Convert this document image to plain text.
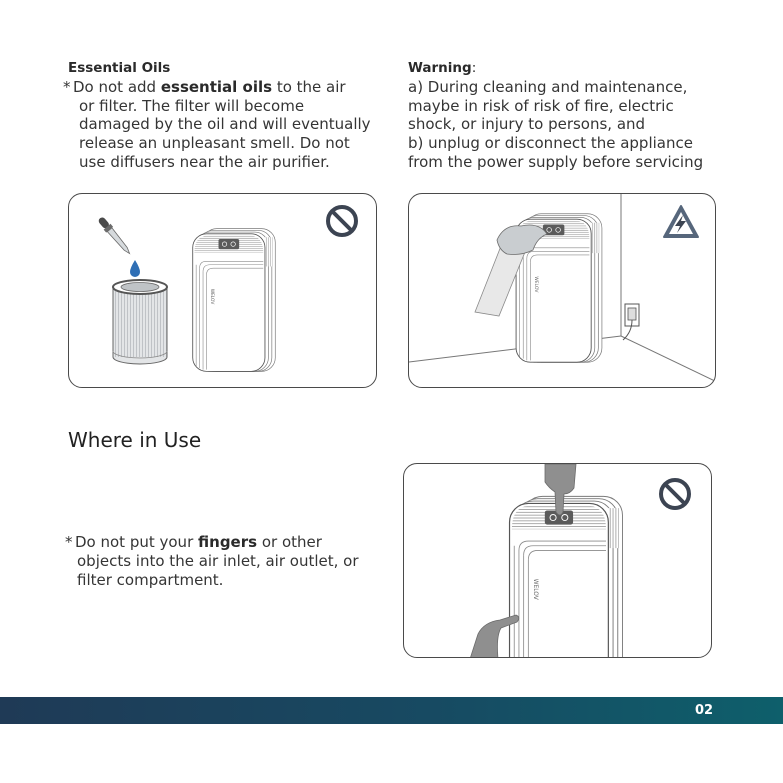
Essential Oils
* Do not add essential oils to the air
or filter. The filter will become
damaged by the oil and will eventually
release an unpleasant smell. Do not
use diffusers near the air purifier.
Warning:
a) During cleaning and maintenance,
maybe in risk of risk of fire, electric
shock, or injury to persons, and
b) unplug or disconnect the appliance
from the power supply before servicing
Where in Use
* Do not put your fingers or other
objects into the air inlet, air outlet, or
filter compartment.
02
